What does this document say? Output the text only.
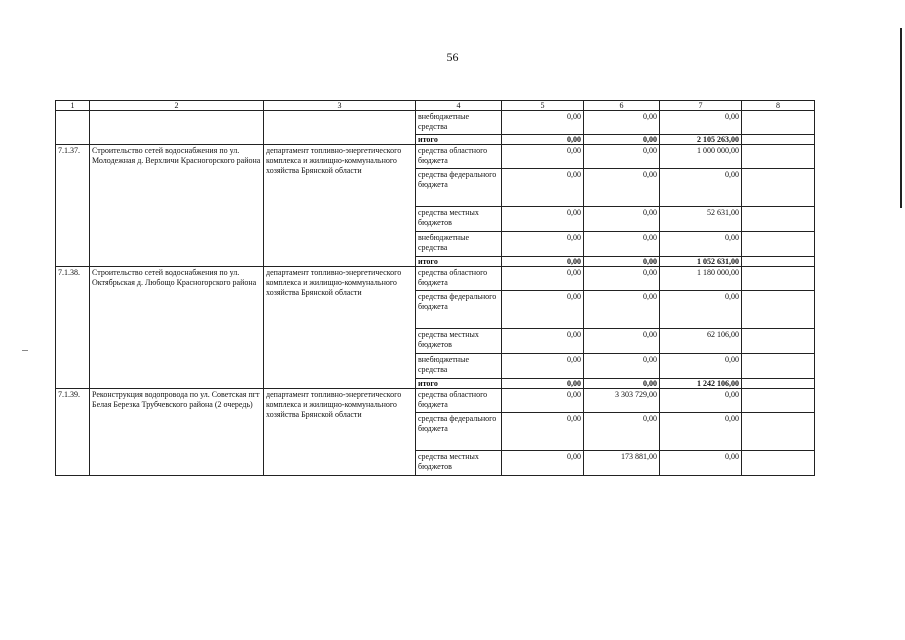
56
1	2	3	4	5	6	7	8
			внебюджетные средства	0,00	0,00	0,00	
			итого	0,00	0,00	2 105 263,00	
7.1.37.	Строительство сетей водоснабжения по ул. Молодежная д. Верхличи Красногорского района	департамент топливно-энергетического комплекса и жилищно-коммунального хозяйства Брянской области	средства областного бюджета	0,00	0,00	1 000 000,00	
			средства федерального бюджета	0,00	0,00	0,00	
			средства местных бюджетов	0,00	0,00	52 631,00	
			внебюджетные средства	0,00	0,00	0,00	
			итого	0,00	0,00	1 052 631,00	
7.1.38.	Строительство сетей водоснабжения по ул. Октябрьская д. Любощо Красногорского района	департамент топливно-энергетического комплекса и жилищно-коммунального хозяйства Брянской области	средства областного бюджета	0,00	0,00	1 180 000,00	
			средства федерального бюджета	0,00	0,00	0,00	
			средства местных бюджетов	0,00	0,00	62 106,00	
			внебюджетные средства	0,00	0,00	0,00	
			итого	0,00	0,00	1 242 106,00	
7.1.39.	Реконструкция водопровода по ул. Советская пгт Белая Березка Трубчевского района (2 очередь)	департамент топливно-энергетического комплекса и жилищно-коммунального хозяйства Брянской области	средства областного бюджета	0,00	3 303 729,00	0,00	
			средства федерального бюджета	0,00	0,00	0,00	
			средства местных бюджетов	0,00	173 881,00	0,00	
